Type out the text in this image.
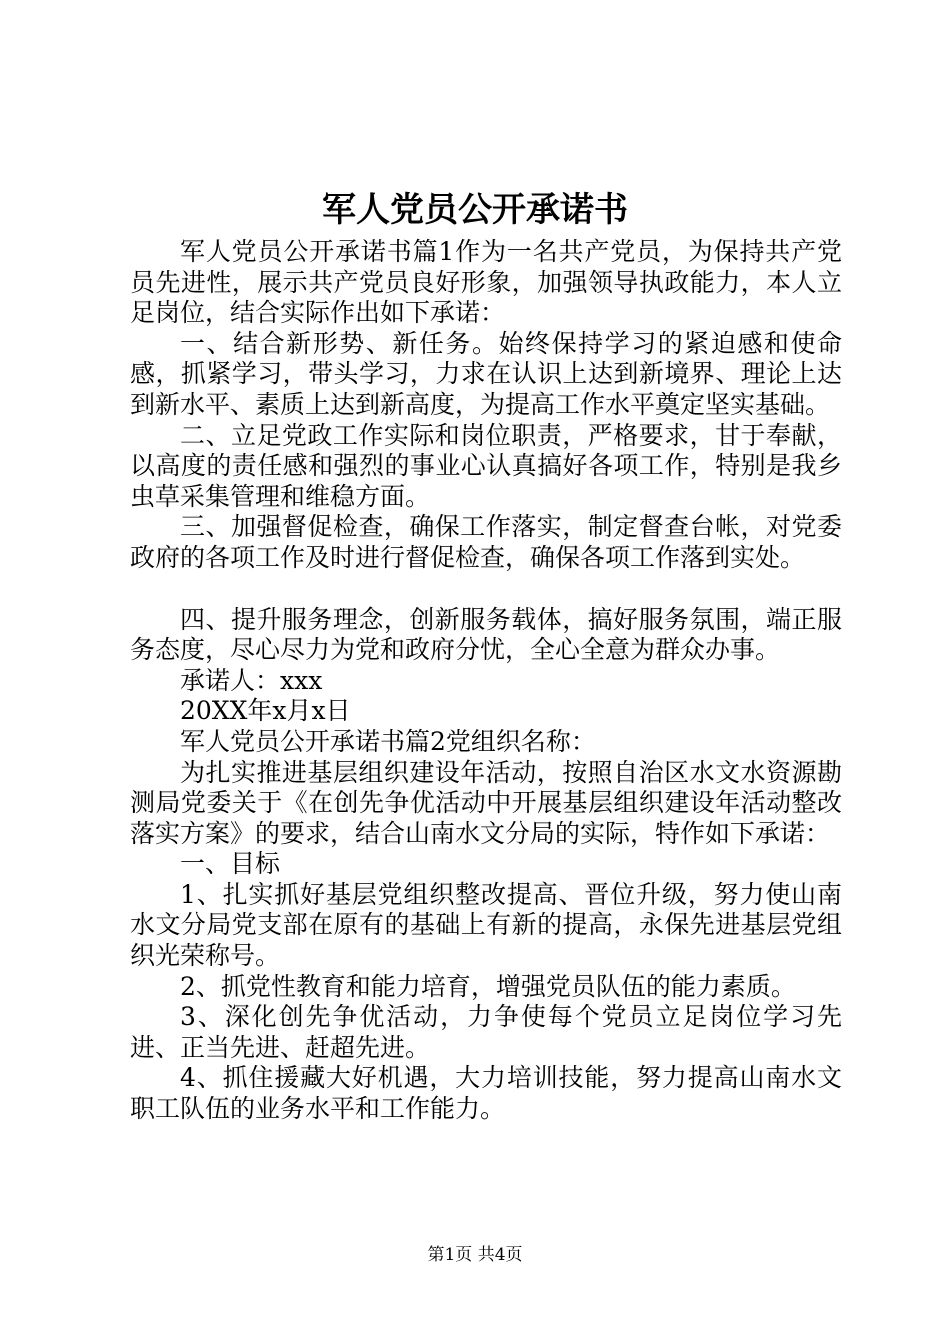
军人党员公开承诺书

军人党员公开承诺书篇1作为一名共产党员，为保持共产党员先进性，展示共产党员良好形象，加强领导执政能力，本人立足岗位，结合实际作出如下承诺：

一、结合新形势、新任务。始终保持学习的紧迫感和使命感，抓紧学习，带头学习，力求在认识上达到新境界、理论上达到新水平、素质上达到新高度，为提高工作水平奠定坚实基础。

二、立足党政工作实际和岗位职责，严格要求，甘于奉献，以高度的责任感和强烈的事业心认真搞好各项工作，特别是我乡虫草采集管理和维稳方面。

三、加强督促检查，确保工作落实，制定督查台帐，对党委政府的各项工作及时进行督促检查，确保各项工作落到实处。

四、提升服务理念，创新服务载体，搞好服务氛围，端正服务态度，尽心尽力为党和政府分忧，全心全意为群众办事。

承诺人：xxx

20XX年x月x日

军人党员公开承诺书篇2党组织名称：

为扎实推进基层组织建设年活动，按照自治区水文水资源勘测局党委关于《在创先争优活动中开展基层组织建设年活动整改落实方案》的要求，结合山南水文分局的实际，特作如下承诺：

一、目标

1、扎实抓好基层党组织整改提高、晋位升级，努力使山南水文分局党支部在原有的基础上有新的提高，永保先进基层党组织光荣称号。

2、抓党性教育和能力培育，增强党员队伍的能力素质。

3、深化创先争优活动，力争使每个党员立足岗位学习先进、正当先进、赶超先进。

4、抓住援藏大好机遇，大力培训技能，努力提高山南水文职工队伍的业务水平和工作能力。

第1页 共4页
